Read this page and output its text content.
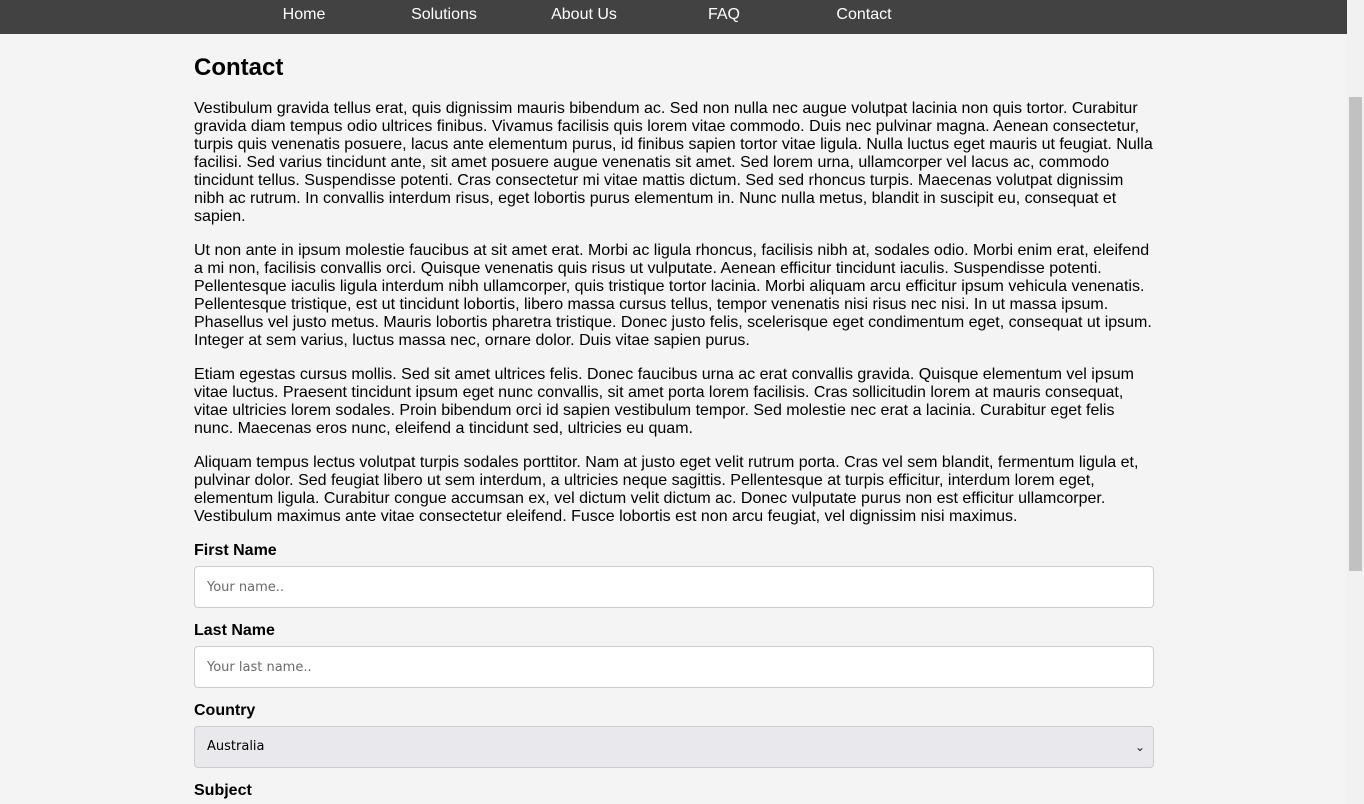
Home	Solutions	About Us	FAQ	Contact
Contact

Vestibulum gravida tellus erat, quis dignissim mauris bibendum ac. Sed non nulla nec augue volutpat lacinia non quis tortor. Curabitur gravida diam tempus odio ultrices finibus. Vivamus facilisis quis lorem vitae commodo. Duis nec pulvinar magna. Aenean consectetur, turpis quis venenatis posuere, lacus ante elementum purus, id finibus sapien tortor vitae ligula. Nulla luctus eget mauris ut feugiat. Nulla facilisi. Sed varius tincidunt ante, sit amet posuere augue venenatis sit amet. Sed lorem urna, ullamcorper vel lacus ac, commodo tincidunt tellus. Suspendisse potenti. Cras consectetur mi vitae mattis dictum. Sed sed rhoncus turpis. Maecenas volutpat dignissim nibh ac rutrum. In convallis interdum risus, eget lobortis purus elementum in. Nunc nulla metus, blandit in suscipit eu, consequat et sapien.

Ut non ante in ipsum molestie faucibus at sit amet erat. Morbi ac ligula rhoncus, facilisis nibh at, sodales odio. Morbi enim erat, eleifend a mi non, facilisis convallis orci. Quisque venenatis quis risus ut vulputate. Aenean efficitur tincidunt iaculis. Suspendisse potenti. Pellentesque iaculis ligula interdum nibh ullamcorper, quis tristique tortor lacinia. Morbi aliquam arcu efficitur ipsum vehicula venenatis. Pellentesque tristique, est ut tincidunt lobortis, libero massa cursus tellus, tempor venenatis nisi risus nec nisi. In ut massa ipsum. Phasellus vel justo metus. Mauris lobortis pharetra tristique. Donec justo felis, scelerisque eget condimentum eget, consequat ut ipsum. Integer at sem varius, luctus massa nec, ornare dolor. Duis vitae sapien purus.

Etiam egestas cursus mollis. Sed sit amet ultrices felis. Donec faucibus urna ac erat convallis gravida. Quisque elementum vel ipsum vitae luctus. Praesent tincidunt ipsum eget nunc convallis, sit amet porta lorem facilisis. Cras sollicitudin lorem at mauris consequat, vitae ultricies lorem sodales. Proin bibendum orci id sapien vestibulum tempor. Sed molestie nec erat a lacinia. Curabitur eget felis nunc. Maecenas eros nunc, eleifend a tincidunt sed, ultricies eu quam.

Aliquam tempus lectus volutpat turpis sodales porttitor. Nam at justo eget velit rutrum porta. Cras vel sem blandit, fermentum ligula et, pulvinar dolor. Sed feugiat libero ut sem interdum, a ultricies neque sagittis. Pellentesque at turpis efficitur, interdum lorem eget, elementum ligula. Curabitur congue accumsan ex, vel dictum velit dictum ac. Donec vulputate purus non est efficitur ullamcorper. Vestibulum maximus ante vitae consectetur eleifend. Fusce lobortis est non arcu feugiat, vel dignissim nisi maximus.

First Name
Your name..
Last Name
Your last name..
Country
Australia	⌄
Subject
